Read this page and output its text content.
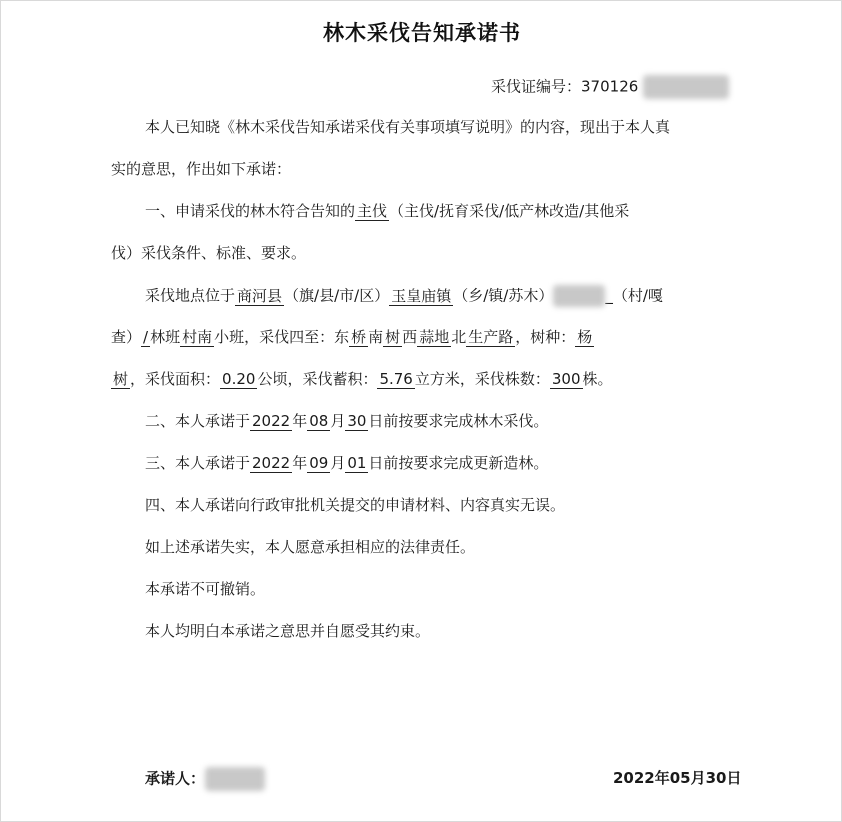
林木采伐告知承诺书
采伐证编号：370126
本人已知晓《林木采伐告知承诺采伐有关事项填写说明》的内容，现出于本人真
实的意思，作出如下承诺：
一、申请采伐的林木符合告知的 主伐 （主伐/抚育采伐/低产林改造/其他采
伐）采伐条件、标准、要求。
采伐地点位于 商河县 （旗/县/市/区） 玉皇庙镇 （乡/镇/苏木）	_（村/嘎
查） / 林班 村南 小班，采伐四至：东 桥 南 树 西 蒜地 北 生产路 ，树种： 杨
树 ，采伐面积： 0.20 公顷，采伐蓄积： 5.76 立方米，采伐株数： 300 株。
二、本人承诺于 2022 年 08 月 30 日前按要求完成林木采伐。
三、本人承诺于 2022 年 09 月 01 日前按要求完成更新造林。
四、本人承诺向行政审批机关提交的申请材料、内容真实无误。
如上述承诺失实，本人愿意承担相应的法律责任。
本承诺不可撤销。
本人均明白本承诺之意思并自愿受其约束。
承诺人：	2022年05月30日
